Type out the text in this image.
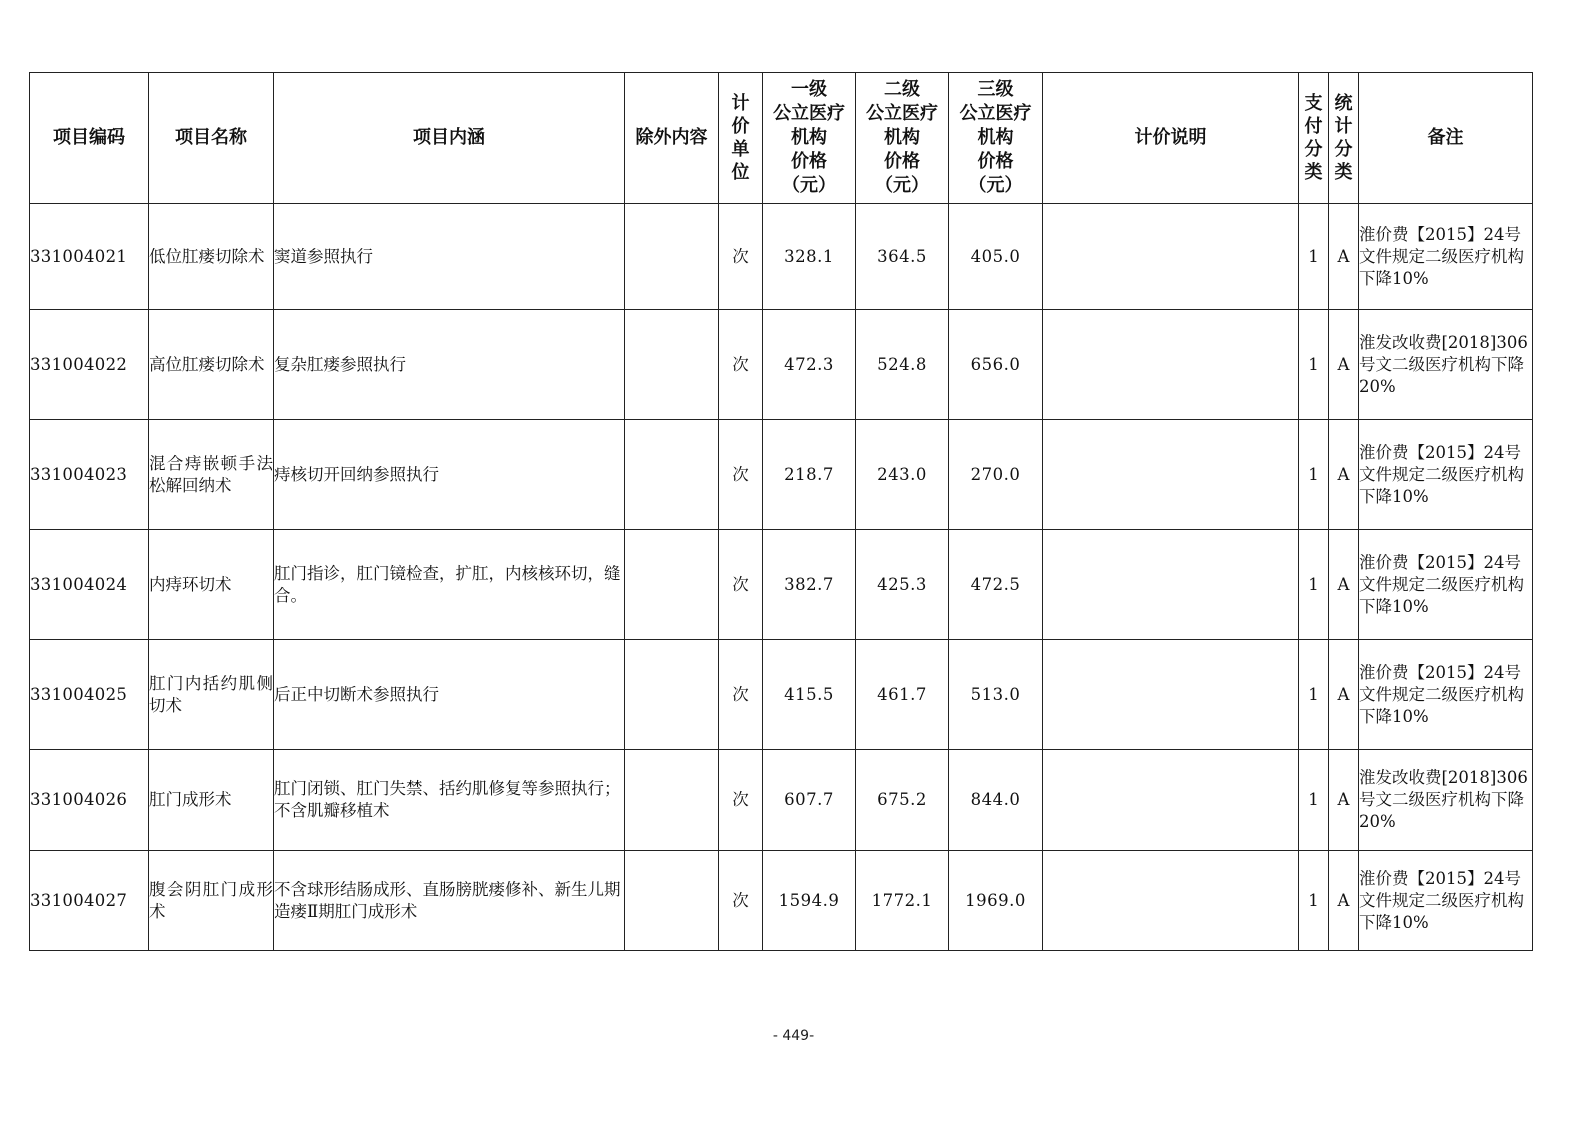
项目编码	项目名称	项目内涵	除外内容	计价单位	一级
公立医疗
机构
价格
（元）	二级
公立医疗
机构
价格
（元）	三级
公立医疗
机构
价格
（元）	计价说明	支付分类	统计分类	备注
331004021	低位肛瘘切除术	窦道参照执行		次	328.1	364.5	405.0		1	A	淮价费【2015】24号文件规定二级医疗机构下降10%
331004022	高位肛瘘切除术	复杂肛瘘参照执行		次	472.3	524.8	656.0		1	A	淮发改收费[2018]306号文二级医疗机构下降20%
331004023	混合痔嵌顿手法松解回纳术	痔核切开回纳参照执行		次	218.7	243.0	270.0		1	A	淮价费【2015】24号文件规定二级医疗机构下降10%
331004024	内痔环切术	肛门指诊，肛门镜检查，扩肛，内核核环切，缝合。		次	382.7	425.3	472.5		1	A	淮价费【2015】24号文件规定二级医疗机构下降10%
331004025	肛门内括约肌侧切术	后正中切断术参照执行		次	415.5	461.7	513.0		1	A	淮价费【2015】24号文件规定二级医疗机构下降10%
331004026	肛门成形术	肛门闭锁、肛门失禁、括约肌修复等参照执行；不含肌瓣移植术		次	607.7	675.2	844.0		1	A	淮发改收费[2018]306号文二级医疗机构下降20%
331004027	腹会阴肛门成形术	不含球形结肠成形、直肠膀胱瘘修补、新生儿期造瘘Ⅱ期肛门成形术		次	1594.9	1772.1	1969.0		1	A	淮价费【2015】24号文件规定二级医疗机构下降10%
- 449-
